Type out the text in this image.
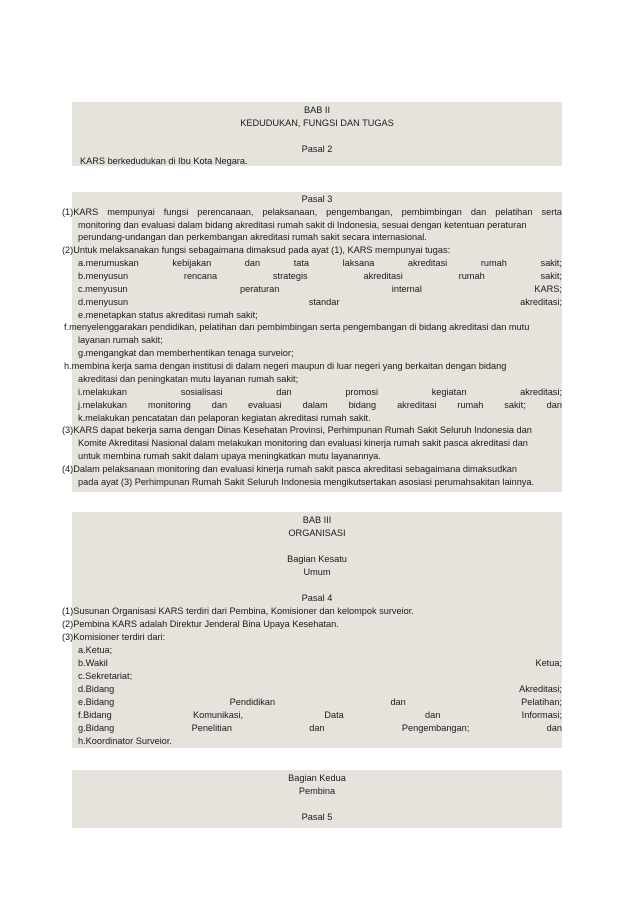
BAB II
KEDUDUKAN, FUNGSI DAN TUGAS
Pasal 2
KARS berkedudukan di Ibu Kota Negara.
Pasal 3
(1)KARS mempunyai fungsi perencanaan, pelaksanaan, pengembangan, pembimbingan dan pelatihan serta
monitoring dan evaluasi dalam bidang akreditasi rumah sakit di Indonesia, sesuai dengan ketentuan peraturan
perundang-undangan dan perkembangan akreditasi rumah sakit secara internasional.
(2)Untuk melaksanakan fungsi sebagaimana dimaksud pada ayat (1), KARS mempunyai tugas:
a.merumuskan	kebijakan	dan	tata	laksana	akreditasi	rumah	sakit;
b.menyusun	rencana	strategis	akreditasi	rumah	sakit;
c.menyusun	peraturan	internal	KARS;
d.menyusun	standar	akreditasi;
e.menetapkan status akreditasi rumah sakit;
f.menyelenggarakan pendidikan, pelatihan dan pembimbingan serta pengembangan di bidang akreditasi dan mutu
layanan rumah sakit;
g.mengangkat dan memberhentikan tenaga surveior;
h.membina kerja sama dengan institusi di dalam negeri maupun di luar negeri yang berkaitan dengan bidang
akreditasi dan peningkatan mutu layanan rumah sakit;
i.melakukan	sosialisasi	dan	promosi	kegiatan	akreditasi;
j.melakukan monitoring dan evaluasi dalam bidang akreditasi rumah sakit; dan
k.melakukan pencatatan dan pelaporan kegiatan akreditasi rumah sakit.
(3)KARS dapat bekerja sama dengan Dinas Kesehatan Provinsi, Perhimpunan Rumah Sakit Seluruh Indonesia dan
Komite Akreditasi Nasional dalam melakukan monitoring dan evaluasi kinerja rumah sakit pasca akreditasi dan
untuk membina rumah sakit dalam upaya meningkatkan mutu layanannya.
(4)Dalam pelaksanaan monitoring dan evaluasi kinerja rumah sakit pasca akreditasi sebagaimana dimaksudkan
pada ayat (3) Perhimpunan Rumah Sakit Seluruh Indonesia mengikutsertakan asosiasi perumahsakitan lainnya.
BAB III
ORGANISASI
Bagian Kesatu
Umum
Pasal 4
(1)Susunan Organisasi KARS terdiri dari Pembina, Komisioner dan kelompok surveior.
(2)Pembina KARS adalah Direktur Jenderal Bina Upaya Kesehatan.
(3)Komisioner terdiri dari:
a.Ketua;
b.Wakil	Ketua;
c.Sekretariat;
d.Bidang	Akreditasi;
e.Bidang	Pendidikan	dan	Pelatihan;
f.Bidang	Komunikasi,	Data	dan	Informasi;
g.Bidang	Penelitian	dan	Pengembangan;	dan
h.Koordinator Surveior.
Bagian Kedua
Pembina
Pasal 5
